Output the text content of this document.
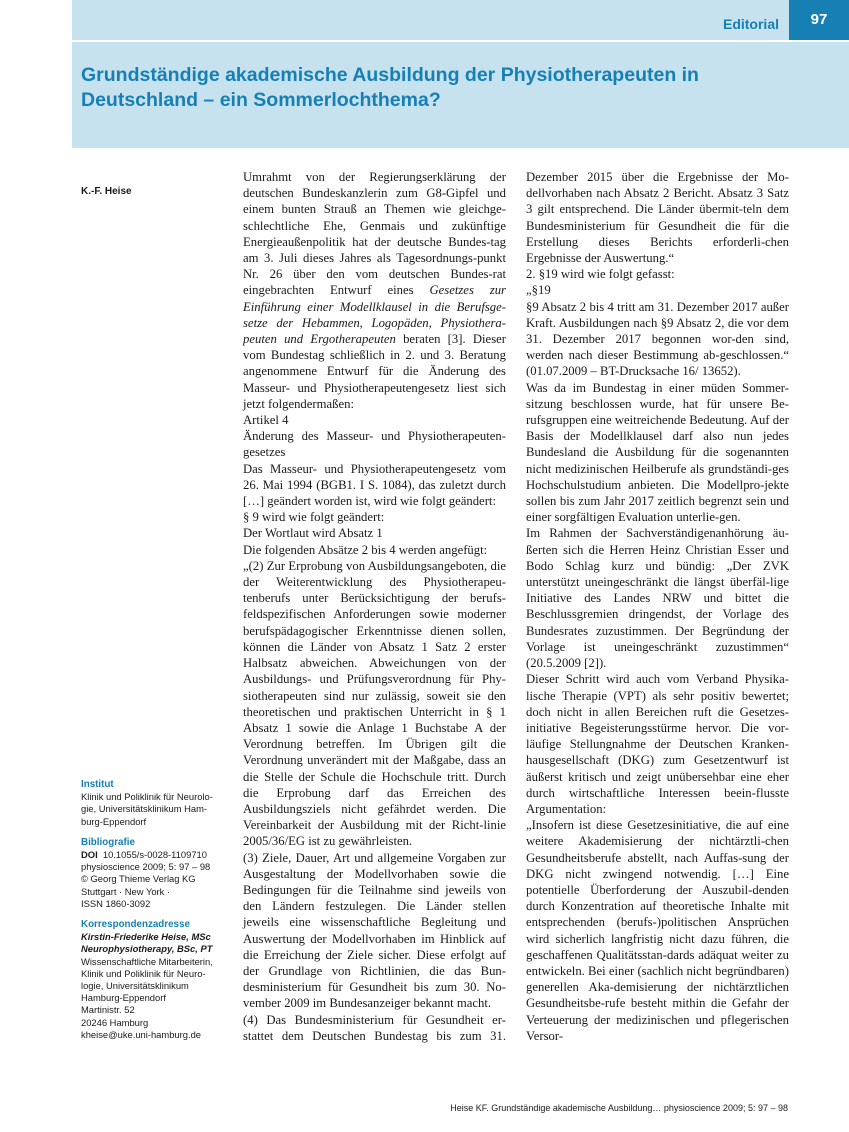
Editorial	97
Grundständige akademische Ausbildung der Physiotherapeuten in Deutschland – ein Sommerlochthema?
K.-F. Heise
Institut
Klinik und Poliklinik für Neurolo-
gie, Universitätsklinikum Ham-
burg-Eppendorf
Bibliografie
DOI 10.1055/s-0028-1109710
physioscience 2009; 5: 97 – 98
© Georg Thieme Verlag KG
Stuttgart · New York ·
ISSN 1860-3092
Korrespondenzadresse
Kirstin-Friederike Heise, MSc
Neurophysiotherapy, BSc, PT
Wissenschaftliche Mitarbeiterin,
Klinik und Poliklinik für Neuro-
logie, Universitätsklinikum
Hamburg-Eppendorf
Martinistr. 52
20246 Hamburg
kheise@uke.uni-hamburg.de

Umrahmt von der Regierungserklärung der deutschen Bundeskanzlerin zum G8-Gipfel und einem bunten Strauß an Themen wie gleichge-schlechtliche Ehe, Genmais und zukünftige Energieaußenpolitik hat der deutsche Bundes-tag am 3. Juli dieses Jahres als Tagesordnungs-punkt Nr. 26 über den vom deutschen Bundes-rat eingebrachten Entwurf eines Gesetzes zur Einführung einer Modellklausel in die Berufsge-setze der Hebammen, Logopäden, Physiothera-peuten und Ergotherapeuten beraten [3]. Dieser vom Bundestag schließlich in 2. und 3. Beratung angenommene Entwurf für die Änderung des Masseur- und Physiotherapeutengesetz liest sich jetzt folgendermaßen:

Artikel 4

Änderung des Masseur- und Physiotherapeuten-gesetzes

Das Masseur- und Physiotherapeutengesetz vom 26. Mai 1994 (BGB1. I S. 1084), das zuletzt durch […] geändert worden ist, wird wie folgt geändert:

§ 9 wird wie folgt geändert:

Der Wortlaut wird Absatz 1

Die folgenden Absätze 2 bis 4 werden angefügt:

„(2) Zur Erprobung von Ausbildungsangeboten, die der Weiterentwicklung des Physiotherapeu-tenberufs unter Berücksichtigung der berufs-feldspezifischen Anforderungen sowie moderner berufspädagogischer Erkenntnisse dienen sollen, können die Länder von Absatz 1 Satz 2 erster Halbsatz abweichen. Abweichungen von der Ausbildungs- und Prüfungsverordnung für Phy-siotherapeuten sind nur zulässig, soweit sie den theoretischen und praktischen Unterricht in § 1 Absatz 1 sowie die Anlage 1 Buchstabe A der Verordnung betreffen. Im Übrigen gilt die Verordnung unverändert mit der Maßgabe, dass an die Stelle der Schule die Hochschule tritt. Durch die Erprobung darf das Erreichen des Ausbildungsziels nicht gefährdet werden. Die Vereinbarkeit der Ausbildung mit der Richt-linie 2005/36/EG ist zu gewährleisten.

(3) Ziele, Dauer, Art und allgemeine Vorgaben zur Ausgestaltung der Modellvorhaben sowie die Bedingungen für die Teilnahme sind jeweils von den Ländern festzulegen. Die Länder stellen jeweils eine wissenschaftliche Begleitung und Auswertung der Modellvorhaben im Hinblick auf die Erreichung der Ziele sicher. Diese erfolgt auf der Grundlage von Richtlinien, die das Bun-desministerium für Gesundheit bis zum 30. No-vember 2009 im Bundesanzeiger bekannt macht.

(4) Das Bundesministerium für Gesundheit er-stattet dem Deutschen Bundestag bis zum 31.

Dezember 2015 über die Ergebnisse der Mo-dellvorhaben nach Absatz 2 Bericht. Absatz 3 Satz 3 gilt entsprechend. Die Länder übermit-teln dem Bundesministerium für Gesundheit die für die Erstellung dieses Berichts erforderli-chen Ergebnisse der Auswertung.“

2. §19 wird wie folgt gefasst:

„§19

§9 Absatz 2 bis 4 tritt am 31. Dezember 2017 außer Kraft. Ausbildungen nach §9 Absatz 2, die vor dem 31. Dezember 2017 begonnen wor-den sind, werden nach dieser Bestimmung ab-geschlossen.“ (01.07.2009 – BT-Drucksache 16/ 13652).

Was da im Bundestag in einer müden Sommer-sitzung beschlossen wurde, hat für unsere Be-rufsgruppen eine weitreichende Bedeutung. Auf der Basis der Modellklausel darf also nun jedes Bundesland die Ausbildung für die sogenannten nicht medizinischen Heilberufe als grundständi-ges Hochschulstudium anbieten. Die Modellpro-jekte sollen bis zum Jahr 2017 zeitlich begrenzt sein und einer sorgfältigen Evaluation unterlie-gen.

Im Rahmen der Sachverständigenanhörung äu-ßerten sich die Herren Heinz Christian Esser und Bodo Schlag kurz und bündig: „Der ZVK unterstützt uneingeschränkt die längst überfäl-lige Initiative des Landes NRW und bittet die Beschlussgremien dringendst, der Vorlage des Bundesrates zuzustimmen. Der Begründung der Vorlage ist uneingeschränkt zuzustimmen“ (20.5.2009 [2]).

Dieser Schritt wird auch vom Verband Physika-lische Therapie (VPT) als sehr positiv bewertet; doch nicht in allen Bereichen ruft die Gesetzes-initiative Begeisterungsstürme hervor. Die vor-läufige Stellungnahme der Deutschen Kranken-hausgesellschaft (DKG) zum Gesetzentwurf ist äußerst kritisch und zeigt unübersehbar eine eher durch wirtschaftliche Interessen beein-flusste Argumentation:

„Insofern ist diese Gesetzesinitiative, die auf eine weitere Akademisierung der nichtärztli-chen Gesundheitsberufe abstellt, nach Auffas-sung der DKG nicht zwingend notwendig. […] Eine potentielle Überforderung der Auszubil-denden durch Konzentration auf theoretische Inhalte mit entsprechenden (berufs-)politischen Ansprüchen wird sicherlich langfristig nicht dazu führen, die geschaffenen Qualitätsstan-dards adäquat weiter zu entwickeln. Bei einer (sachlich nicht begründbaren) generellen Aka-demisierung der nichtärztlichen Gesundheitsbe-rufe besteht mithin die Gefahr der Verteuerung der medizinischen und pflegerischen Versor-

Heise KF. Grundständige akademische Ausbildung… physioscience 2009; 5: 97 – 98
